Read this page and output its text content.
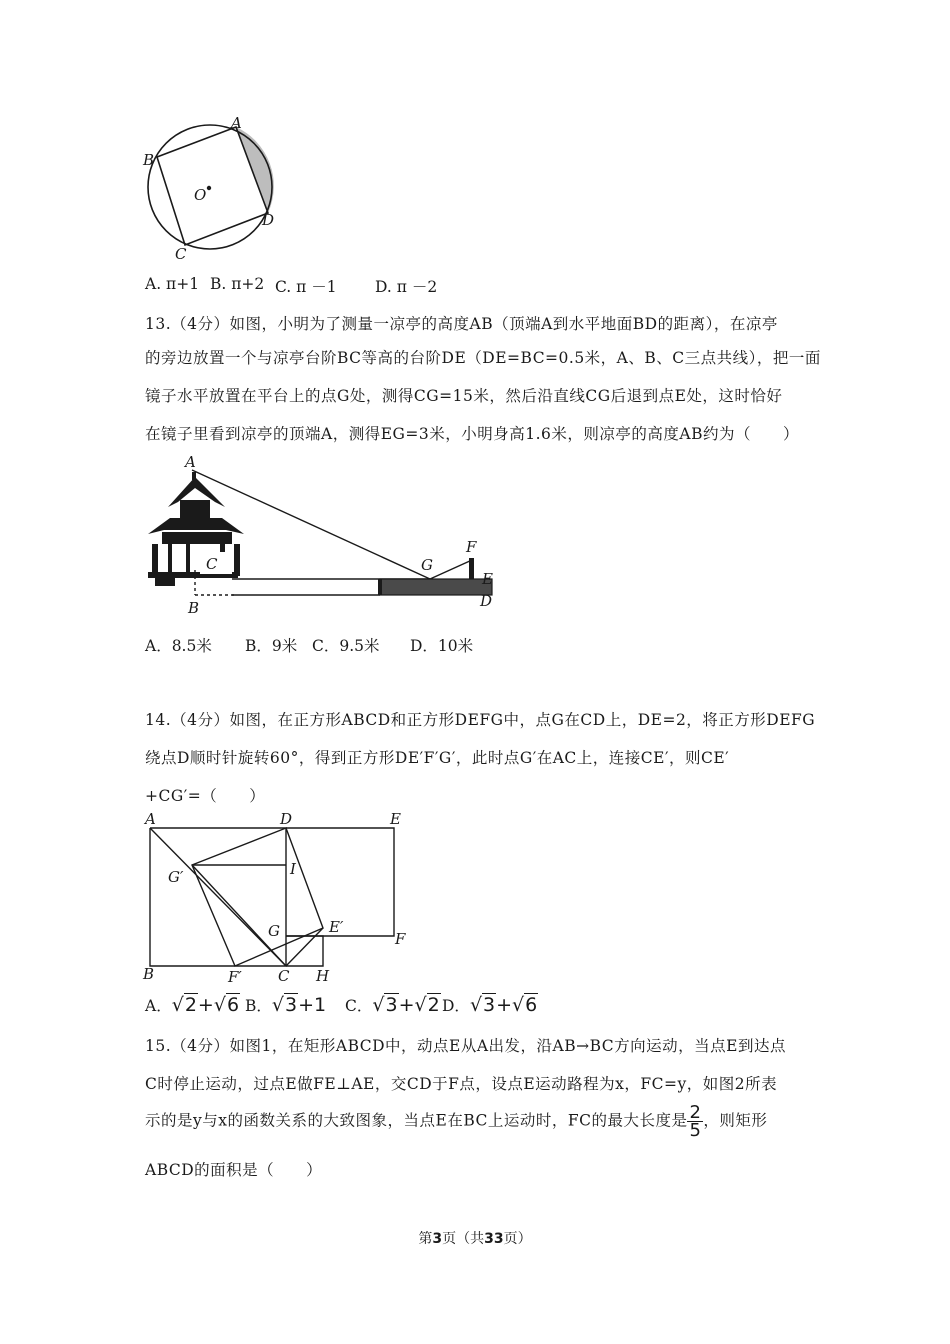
A
B
C
D
O
A. π+1 B. π+2 C. π －1 D. π －2
13.（4分）如图，小明为了测量一凉亭的高度AB（顶端A到水平地面BD的距离），在凉亭
的旁边放置一个与凉亭台阶BC等高的台阶DE（DE=BC=0.5米，A、B、C三点共线），把一面
镜子水平放置在平台上的点G处，测得CG=15米，然后沿直线CG后退到点E处，这时恰好
在镜子里看到凉亭的顶端A，测得EG=3米，小明身高1.6米，则凉亭的高度AB约为（　　）
A
C
B
G
F
E
D
A．8.5米 B．9米 C．9.5米 D．10米
14.（4分）如图，在正方形ABCD和正方形DEFG中，点G在CD上，DE=2，将正方形DEFG
绕点D顺时针旋转60°，得到正方形DE′F′G′，此时点G′在AC上，连接CE′，则CE′
+CG′=（　　）
A	D	E
G′	I
G	E′
F
B	F′ C H
A．√2+√6 B．√3+1 C．√3+√2 D．√3+√6
15.（4分）如图1，在矩形ABCD中，动点E从A出发，沿AB→BC方向运动，当点E到达点
C时停止运动，过点E做FE⊥AE，交CD于F点，设点E运动路程为x，FC=y，如图2所表
示的是y与x的函数关系的大致图象，当点E在BC上运动时，FC的最大长度是 $\frac{2}{5}$ ，则矩形
ABCD的面积是（　　）
第3页（共33页）
